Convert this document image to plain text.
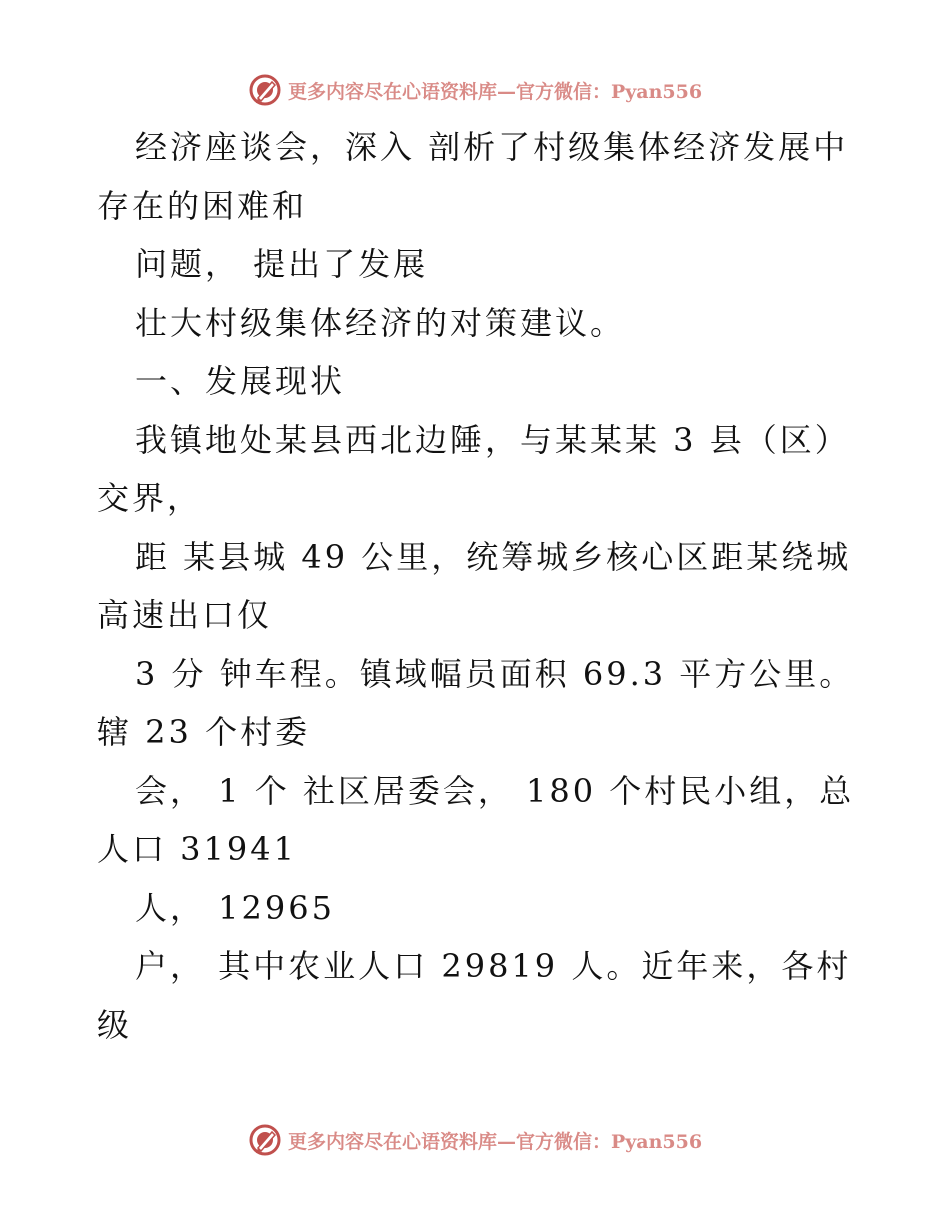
更多内容尽在心语资料库—官方微信：Pyan556

经济座谈会，深入 剖析了村级集体经济发展中存在的困难和

问题， 提出了发展

壮大村级集体经济的对策建议。

一、发展现状

我镇地处某县西北边陲，与某某某 3 县（区）交界，

距 某县城 49 公里，统筹城乡核心区距某绕城高速出口仅

3 分 钟车程。镇域幅员面积 69.3 平方公里。辖 23 个村委

会， 1 个 社区居委会， 180 个村民小组，总人口 31941

人， 12965

户， 其中农业人口 29819 人。近年来，各村级

更多内容尽在心语资料库—官方微信：Pyan556
